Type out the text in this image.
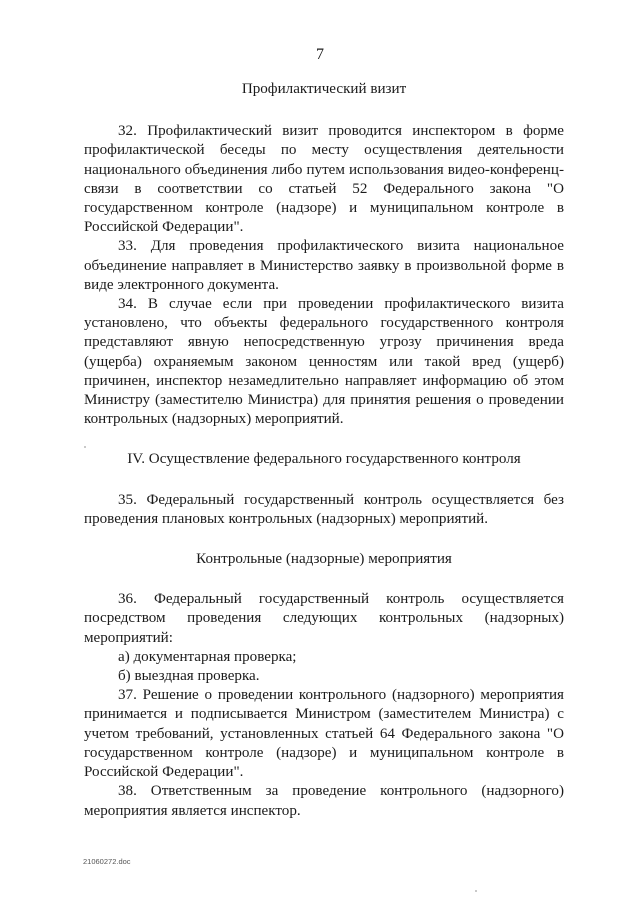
7
Профилактический визит
32. Профилактический визит проводится инспектором в форме профилактической беседы по месту осуществления деятельности национального объединения либо путем использования видео-конференц-связи в соответствии со статьей 52 Федерального закона "О государственном контроле (надзоре) и муниципальном контроле в Российской Федерации".
33. Для проведения профилактического визита национальное объединение направляет в Министерство заявку в произвольной форме в виде электронного документа.
34. В случае если при проведении профилактического визита установлено, что объекты федерального государственного контроля представляют явную непосредственную угрозу причинения вреда (ущерба) охраняемым законом ценностям или такой вред (ущерб) причинен, инспектор незамедлительно направляет информацию об этом Министру (заместителю Министра) для принятия решения о проведении контрольных (надзорных) мероприятий.
IV. Осуществление федерального государственного контроля
35. Федеральный государственный контроль осуществляется без проведения плановых контрольных (надзорных) мероприятий.
Контрольные (надзорные) мероприятия
36. Федеральный государственный контроль осуществляется посредством проведения следующих контрольных (надзорных) мероприятий:
а) документарная проверка;
б) выездная проверка.
37. Решение о проведении контрольного (надзорного) мероприятия принимается и подписывается Министром (заместителем Министра) с учетом требований, установленных статьей 64 Федерального закона "О государственном контроле (надзоре) и муниципальном контроле в Российской Федерации".
38. Ответственным за проведение контрольного (надзорного) мероприятия является инспектор.
21060272.doc
